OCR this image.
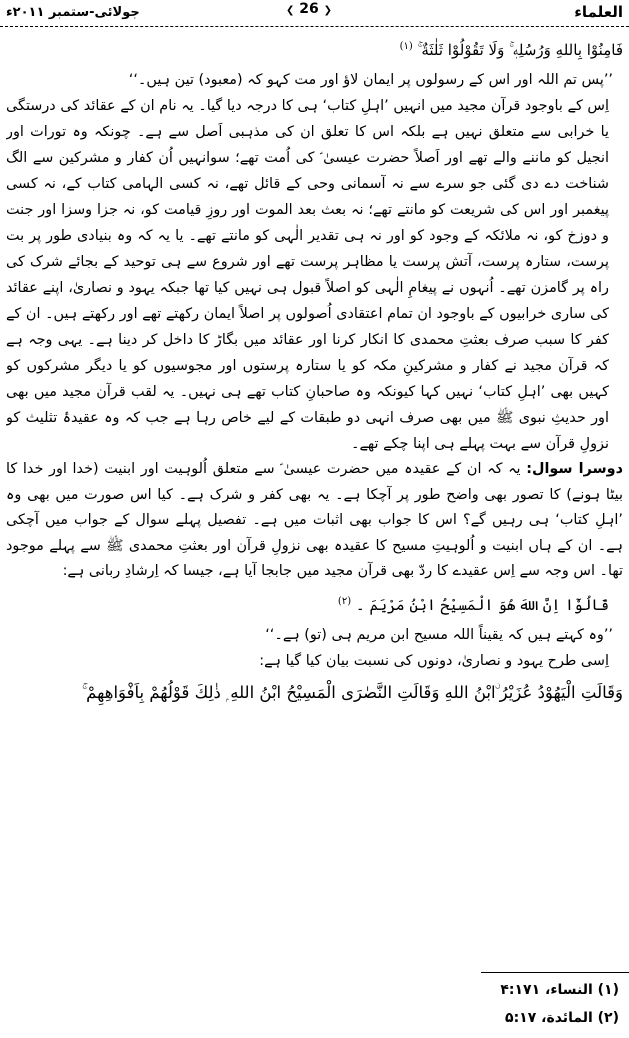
جولائی-ستمبر ۲۰۱۱ء	العلماء
❮ 26 ❯

فَامِنُوْا بِاللهِ وَرُسُلِهٖ ۚ وَلَا تَقُوْلُوْا ثَلٰثَةٌ ۚ $^{(۱)}$

’’پس تم اللہ اور اس کے رسولوں پر ایمان لاؤ اور مت کہو کہ (معبود) تین ہیں۔‘‘

اِس کے باوجود قرآن مجید میں انہیں ’اہلِ کتاب‘ ہی کا درجہ دیا گیا۔ یہ نام ان کے عقائد کی درستگی یا خرابی سے متعلق نہیں ہے بلکہ اس کا تعلق ان کی مذہبی اَصل سے ہے۔ چونکہ وہ تورات اور انجیل کو ماننے والے تھے اور اَصلاً حضرت عیسیٰ ؑ کی اُمت تھے؛ سوانہیں اُن کفار و مشرکین سے الگ شناخت دے دی گئی جو سرے سے نہ آسمانی وحی کے قائل تھے، نہ کسی الہامی کتاب کے، نہ کسی پیغمبر اور اس کی شریعت کو مانتے تھے؛ نہ بعث بعد الموت اور روزِ قیامت کو، نہ جزا وسزا اور جنت و دوزخ کو، نہ ملائکہ کے وجود کو اور نہ ہی تقدیر الٰہی کو مانتے تھے۔ یا یہ کہ وہ بنیادی طور پر بت پرست، ستارہ پرست، آتش پرست یا مظاہر پرست تھے اور شروع سے ہی توحید کے بجائے شرک کی راہ پر گامزن تھے۔ اُنہوں نے پیغامِ الٰہی کو اصلاً قبول ہی نہیں کیا تھا جبکہ یہود و نصاریٰ، اپنے عقائد کی ساری خرابیوں کے باوجود ان تمام اعتقادی اُصولوں پر اصلاً ایمان رکھتے تھے اور رکھتے ہیں۔ ان کے کفر کا سبب صرف بعثتِ محمدی کا انکار کرنا اور عقائد میں بگاڑ کا داخل کر دینا ہے۔ یہی وجہ ہے کہ قرآن مجید نے کفار و مشرکینِ مکہ کو یا ستارہ پرستوں اور مجوسیوں کو یا دیگر مشرکوں کو کہیں بھی ’اہلِ کتاب‘ نہیں کہا کیونکہ وہ صاحبانِ کتاب تھے ہی نہیں۔ یہ لقب قرآن مجید میں بھی اور حدیثِ نبوی ﷺ میں بھی صرف انہی دو طبقات کے لیے خاص رہا ہے جب کہ وہ عقیدۂ تثلیث کو نزولِ قرآن سے بہت پہلے ہی اپنا چکے تھے۔

دوسرا سوال: یہ کہ ان کے عقیدہ میں حضرت عیسیٰ ؑ سے متعلق اُلوہیت اور ابنیت (خدا اور خدا کا بیٹا ہونے) کا تصور بھی واضح طور پر آچکا ہے۔ یہ بھی کفر و شرک ہے۔ کیا اس صورت میں بھی وہ ’اہلِ کتاب‘ ہی رہیں گے؟ اس کا جواب بھی اثبات میں ہے۔ تفصیل پہلے سوال کے جواب میں آچکی ہے۔ ان کے ہاں ابنیت و اُلوہیتِ مسیح کا عقیدہ بھی نزولِ قرآن اور بعثتِ محمدی ﷺ سے پہلے موجود تھا۔ اس وجہ سے اِس عقیدے کا ردّ بھی قرآن مجید میں جابجا آیا ہے، جیسا کہ اِرشادِ ربانی ہے:

قَالُوْٓا اِنَّ اللهَ هُوَ الْمَسِيْحُ ابْنُ مَرْيَمَ ۔ $^{(۲)}$

’’وہ کہتے ہیں کہ یقیناً اللہ مسیح ابن مریم ہی (تو) ہے۔‘‘

اِسی طرح یہود و نصاریٰ، دونوں کی نسبت بیان کیا گیا ہے:

وَقَالَتِ الْيَهُوْدُ عُزَيْرُ ۨابْنُ اللهِ وَقَالَتِ النَّصٰرَى الْمَسِيْحُ ابْنُ اللهِ ۭ ذٰلِكَ قَوْلُهُمْ بِاَفْوَاهِهِمْ ۚ

(۱) النساء، ۴:۱۷۱
(۲) المائدة، ۵:۱۷
